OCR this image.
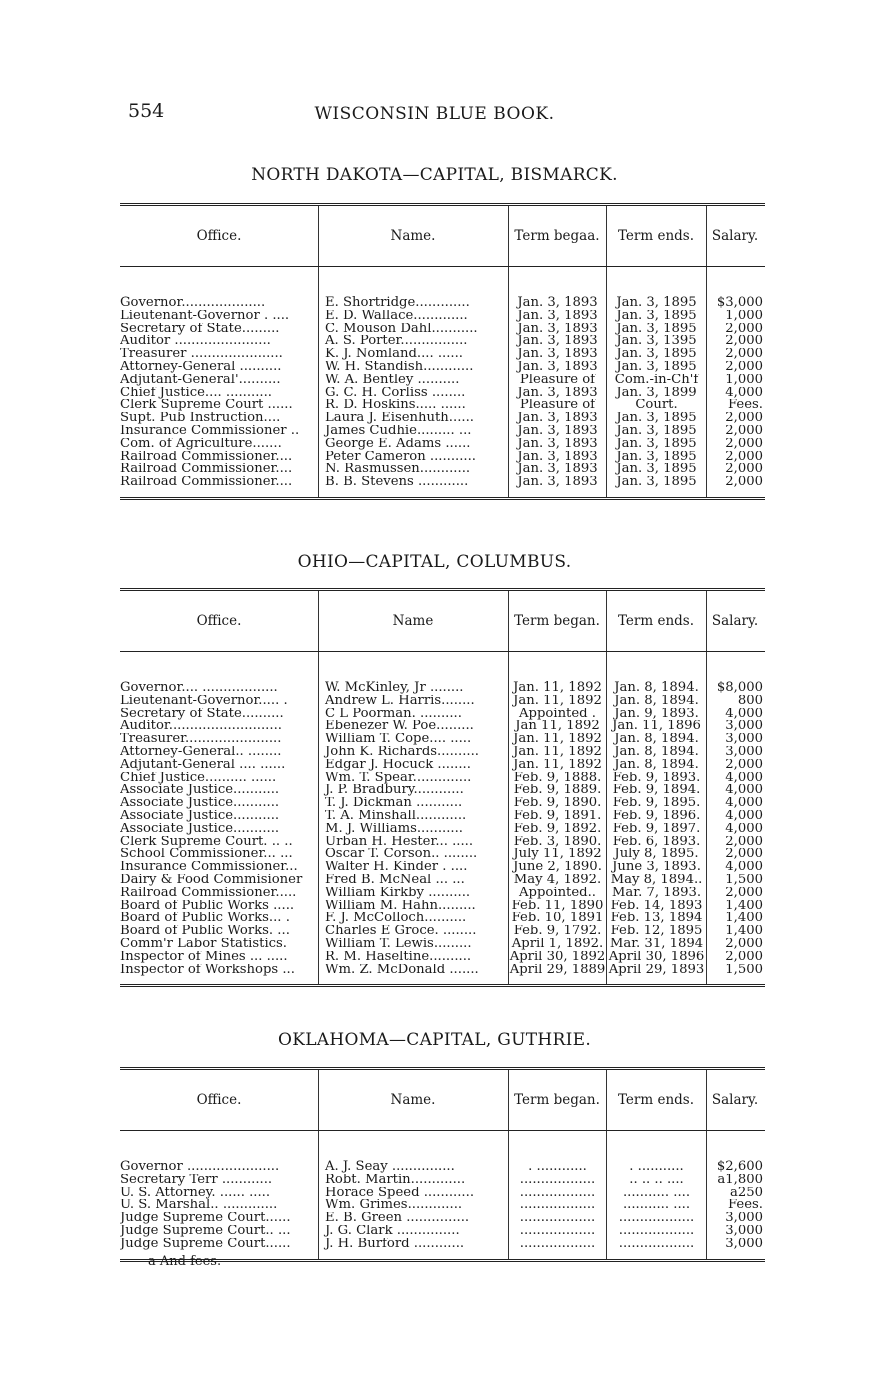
554	WISCONSIN BLUE BOOK.
NORTH DAKOTA—CAPITAL, BISMARCK.
Office.	Name.	Term begaa.	Term ends.	Salary.
Governor....................	E. Shortridge.............	Jan. 3, 1893	Jan. 3, 1895	$3,000
Lieutenant-Governor . ....	E. D. Wallace.............	Jan. 3, 1893	Jan. 3, 1895	1,000
Secretary of State.........	C. Mouson Dahl...........	Jan. 3, 1893	Jan. 3, 1895	2,000
Auditor .......................	A. S. Porter................	Jan. 3, 1893	Jan. 3, 1395	2,000
Treasurer ......................	K. J. Nomland.... ......	Jan. 3, 1893	Jan. 3, 1895	2,000
Attorney-General ..........	W. H. Standish............	Jan. 3, 1893	Jan. 3, 1895	2,000
Adjutant-General'..........	W. A. Bentley ..........	Pleasure of	Com.-in-Ch'f	1,000
Chief Justice.... ...........	G. C. H. Corliss ........	Jan. 3, 1893	Jan. 3, 1899	4,000
Clerk Supreme Court ......	R. D. Hoskins..... ......	Pleasure of	Court.	Fees.
Supt. Pub Instruction....	Laura J. Eisenhuth......	Jan. 3, 1893	Jan. 3, 1895	2,000
Insurance Commissioner ..	James Cudhie......... ...	Jan. 3, 1893	Jan. 3, 1895	2,000
Com. of Agriculture.......	George E. Adams ......	Jan. 3, 1893	Jan. 3, 1895	2,000
Railroad Commissioner....	Peter Cameron ...........	Jan. 3, 1893	Jan. 3, 1895	2,000
Railroad Commissioner....	N. Rasmussen............	Jan. 3, 1893	Jan. 3, 1895	2,000
Railroad Commissioner....	B. B. Stevens ............	Jan. 3, 1893	Jan. 3, 1895	2,000
OHIO—CAPITAL, COLUMBUS.
Office.	Name	Term began.	Term ends.	Salary.
Governor.... ..................	W. McKinley, Jr ........	Jan. 11, 1892	Jan. 8, 1894.	$8,000
Lieutenant-Governor..... .	Andrew L. Harris........	Jan. 11, 1892	Jan. 8, 1894.	800
Secretary of State..........	C L Poorman. ..........	Appointed .	Jan. 9, 1893.	4,000
Auditor...........................	Ebenezer W. Poe.........	Jan 11, 1892	Jan. 11, 1896	3,000
Treasurer.......................	William T. Cope.... .....	Jan. 11, 1892	Jan. 8, 1894.	3,000
Attorney-General.. ........	John K. Richards..........	Jan. 11, 1892	Jan. 8, 1894.	3,000
Adjutant-General .... ......	Edgar J. Hocuck ........	Jan. 11, 1892	Jan. 8, 1894.	2,000
Chief Justice.......... ......	Wm. T. Spear..............	Feb. 9, 1888.	Feb. 9, 1893.	4,000
Associate Justice...........	J. P. Bradbury............	Feb. 9, 1889.	Feb. 9, 1894.	4,000
Associate Justice...........	T. J. Dickman ...........	Feb. 9, 1890.	Feb. 9, 1895.	4,000
Associate Justice...........	T. A. Minshall............	Feb. 9, 1891.	Feb. 9, 1896.	4,000
Associate Justice...........	M. J. Williams...........	Feb. 9, 1892.	Feb. 9, 1897.	4,000
Clerk Supreme Court. .. ..	Urban H. Hester... .....	Feb. 3, 1890.	Feb. 6, 1893.	2,000
School Commissioner... ...	Oscar T. Corson.. ........	July 11, 1892	July 8, 1895.	2,000
Insurance Commissioner...	Walter H. Kinder . ....	June 2, 1890.	June 3, 1893.	4,000
Dairy & Food Commisioner	Fred B. McNeal ... ...	May 4, 1892.	May 8, 1894..	1,500
Railroad Commissioner.....	William Kirkby ..........	Appointed..	Mar. 7, 1893.	2,000
Board of Public Works .....	William M. Hahn.........	Feb. 11, 1890	Feb. 14, 1893	1,400
Board of Public Works... .	F. J. McColloch..........	Feb. 10, 1891	Feb. 13, 1894	1,400
Board of Public Works. ...	Charles E Groce. ........	Feb. 9, 1792.	Feb. 12, 1895	1,400
Comm'r Labor Statistics.	William T. Lewis.........	April 1, 1892.	Mar. 31, 1894	2,000
Inspector of Mines ... .....	R. M. Haseltine..........	April 30, 1892	April 30, 1896	2,000
Inspector of Workshops ...	Wm. Z. McDonald .......	April 29, 1889	April 29, 1893	1,500
OKLAHOMA—CAPITAL, GUTHRIE.
Office.	Name.	Term began.	Term ends.	Salary.
Governor ......................	A. J. Seay ...............	. ............	. ...........	$2,600
Secretary Terr ............	Robt. Martin.............	..................	.. .. .. ....	a1,800
U. S. Attorney. ...... .....	Horace Speed ............	..................	........... ....	a250
U. S. Marshal.. .............	Wm. Grimes.............	..................	........... ....	Fees.
Judge Supreme Court......	E. B. Green ...............	..................	..................	3,000
Judge Supreme Court.. ...	J. G. Clark ...............	..................	..................	3,000
Judge Supreme Court......	J. H. Burford ............	..................	..................	3,000
a And fees.
